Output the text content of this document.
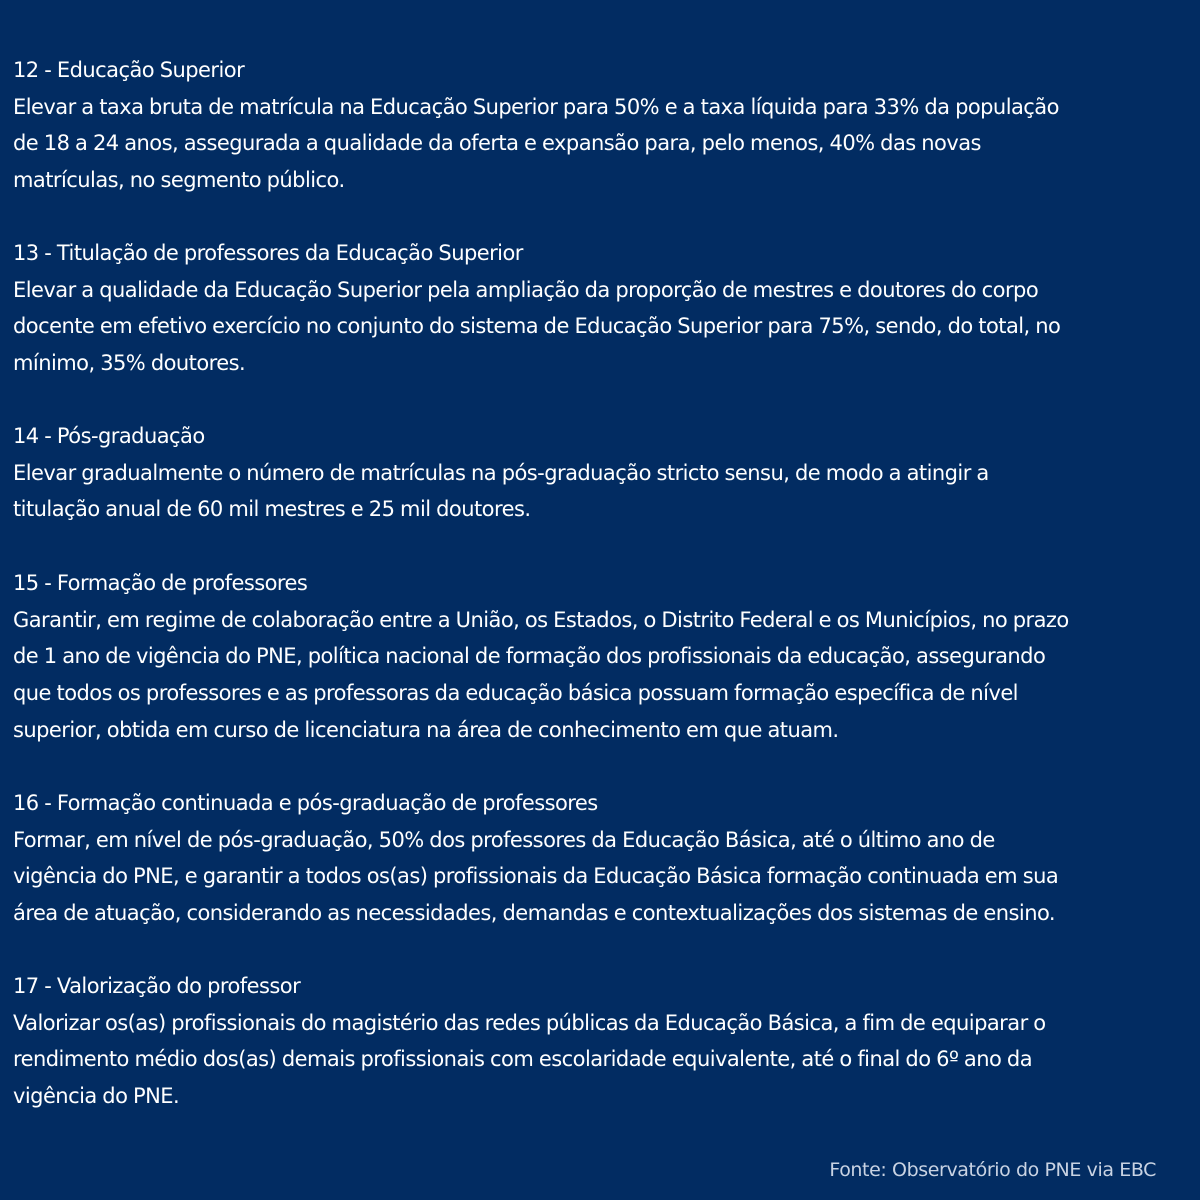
12 - Educação Superior
Elevar a taxa bruta de matrícula na Educação Superior para 50% e a taxa líquida para 33% da população
de 18 a 24 anos, assegurada a qualidade da oferta e expansão para, pelo menos, 40% das novas
matrículas, no segmento público.
13 - Titulação de professores da Educação Superior
Elevar a qualidade da Educação Superior pela ampliação da proporção de mestres e doutores do corpo
docente em efetivo exercício no conjunto do sistema de Educação Superior para 75%, sendo, do total, no
mínimo, 35% doutores.
14 - Pós-graduação
Elevar gradualmente o número de matrículas na pós-graduação stricto sensu, de modo a atingir a
titulação anual de 60 mil mestres e 25 mil doutores.
15 - Formação de professores
Garantir, em regime de colaboração entre a União, os Estados, o Distrito Federal e os Municípios, no prazo
de 1 ano de vigência do PNE, política nacional de formação dos profissionais da educação, assegurando
que todos os professores e as professoras da educação básica possuam formação específica de nível
superior, obtida em curso de licenciatura na área de conhecimento em que atuam.
16 - Formação continuada e pós-graduação de professores
Formar, em nível de pós-graduação, 50% dos professores da Educação Básica, até o último ano de
vigência do PNE, e garantir a todos os(as) profissionais da Educação Básica formação continuada em sua
área de atuação, considerando as necessidades, demandas e contextualizações dos sistemas de ensino.
17 - Valorização do professor
Valorizar os(as) profissionais do magistério das redes públicas da Educação Básica, a fim de equiparar o
rendimento médio dos(as) demais profissionais com escolaridade equivalente, até o final do 6º ano da
vigência do PNE.
Fonte: Observatório do PNE via EBC
